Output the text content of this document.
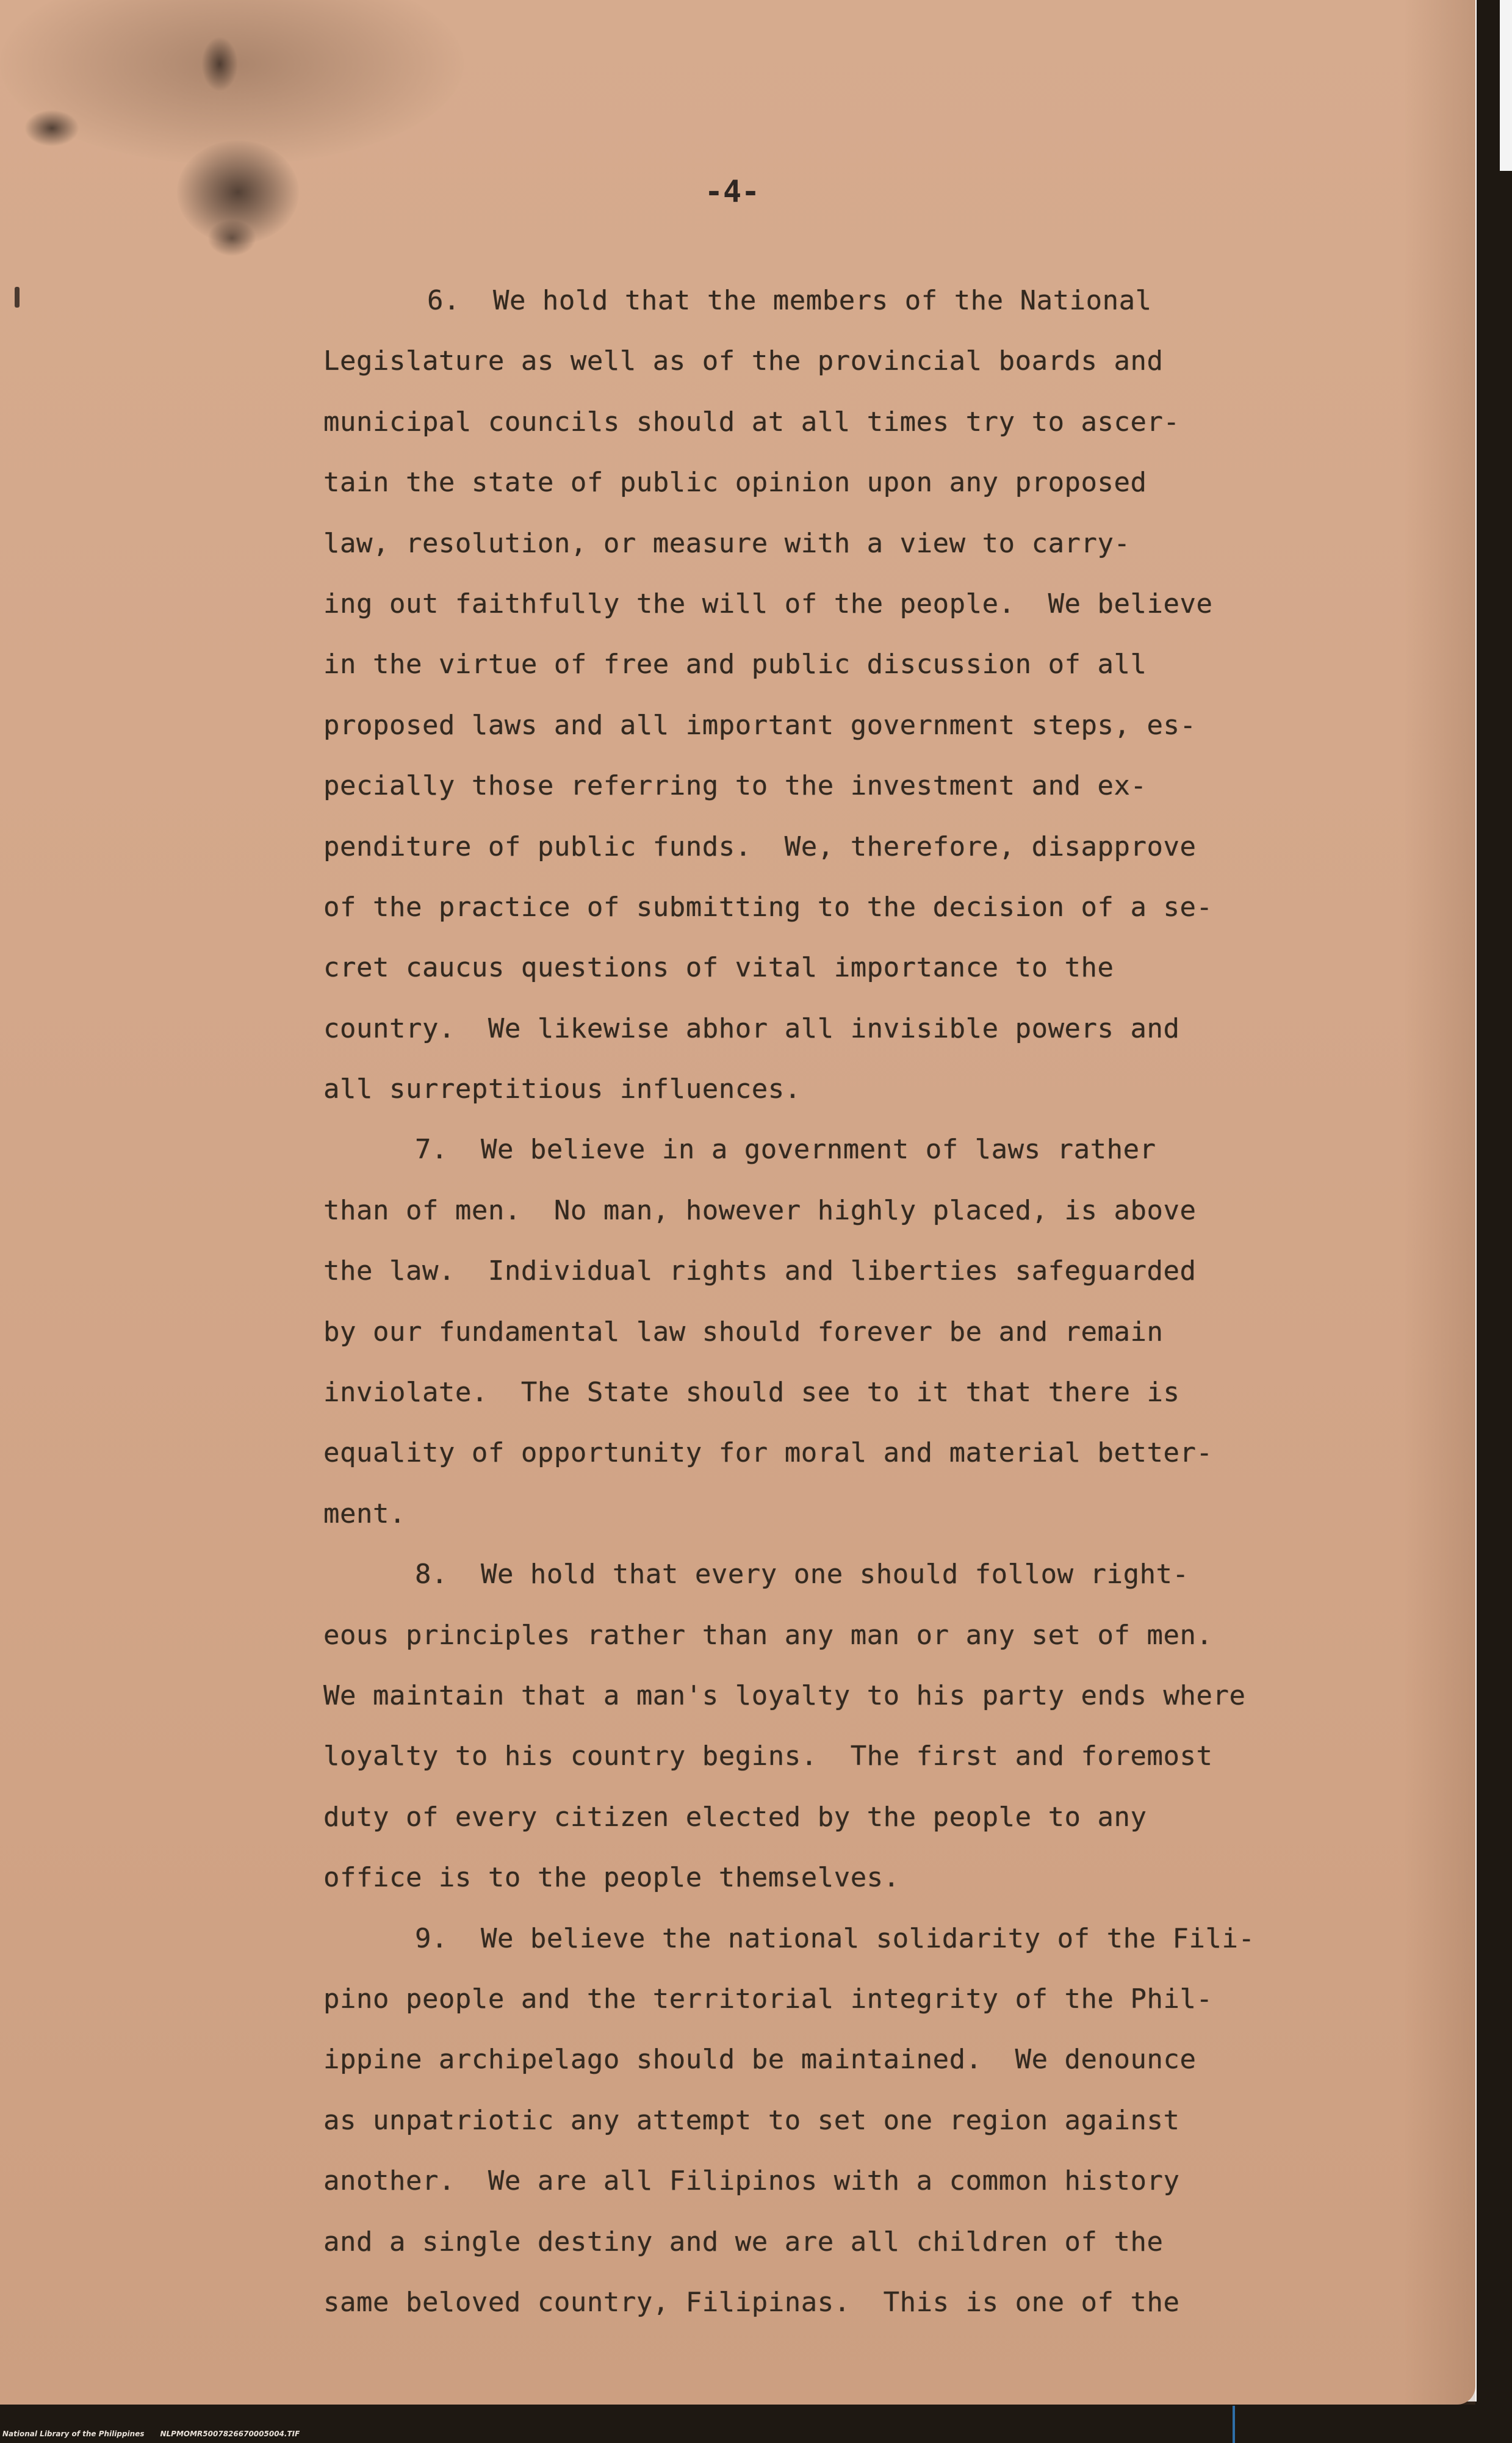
-4-

6.  We hold that the members of the National
Legislature as well as of the provincial boards and
municipal councils should at all times try to ascer-
tain the state of public opinion upon any proposed
law, resolution, or measure with a view to carry-
ing out faithfully the will of the people.  We believe
in the virtue of free and public discussion of all
proposed laws and all important government steps, es-
pecially those referring to the investment and ex-
penditure of public funds.  We, therefore, disapprove
of the practice of submitting to the decision of a se-
cret caucus questions of vital importance to the
country.  We likewise abhor all invisible powers and
all surreptitious influences.
7.  We believe in a government of laws rather
than of men.  No man, however highly placed, is above
the law.  Individual rights and liberties safeguarded
by our fundamental law should forever be and remain
inviolate.  The State should see to it that there is
equality of opportunity for moral and material better-
ment.
8.  We hold that every one should follow right-
eous principles rather than any man or any set of men.
We maintain that a man's loyalty to his party ends where
loyalty to his country begins.  The first and foremost
duty of every citizen elected by the people to any
office is to the people themselves.
9.  We believe the national solidarity of the Fili-
pino people and the territorial integrity of the Phil-
ippine archipelago should be maintained.  We denounce
as unpatriotic any attempt to set one region against
another.  We are all Filipinos with a common history
and a single destiny and we are all children of the
same beloved country, Filipinas.  This is one of the

National Library of the Philippines NLPMOMR5007826670005004.TIF
